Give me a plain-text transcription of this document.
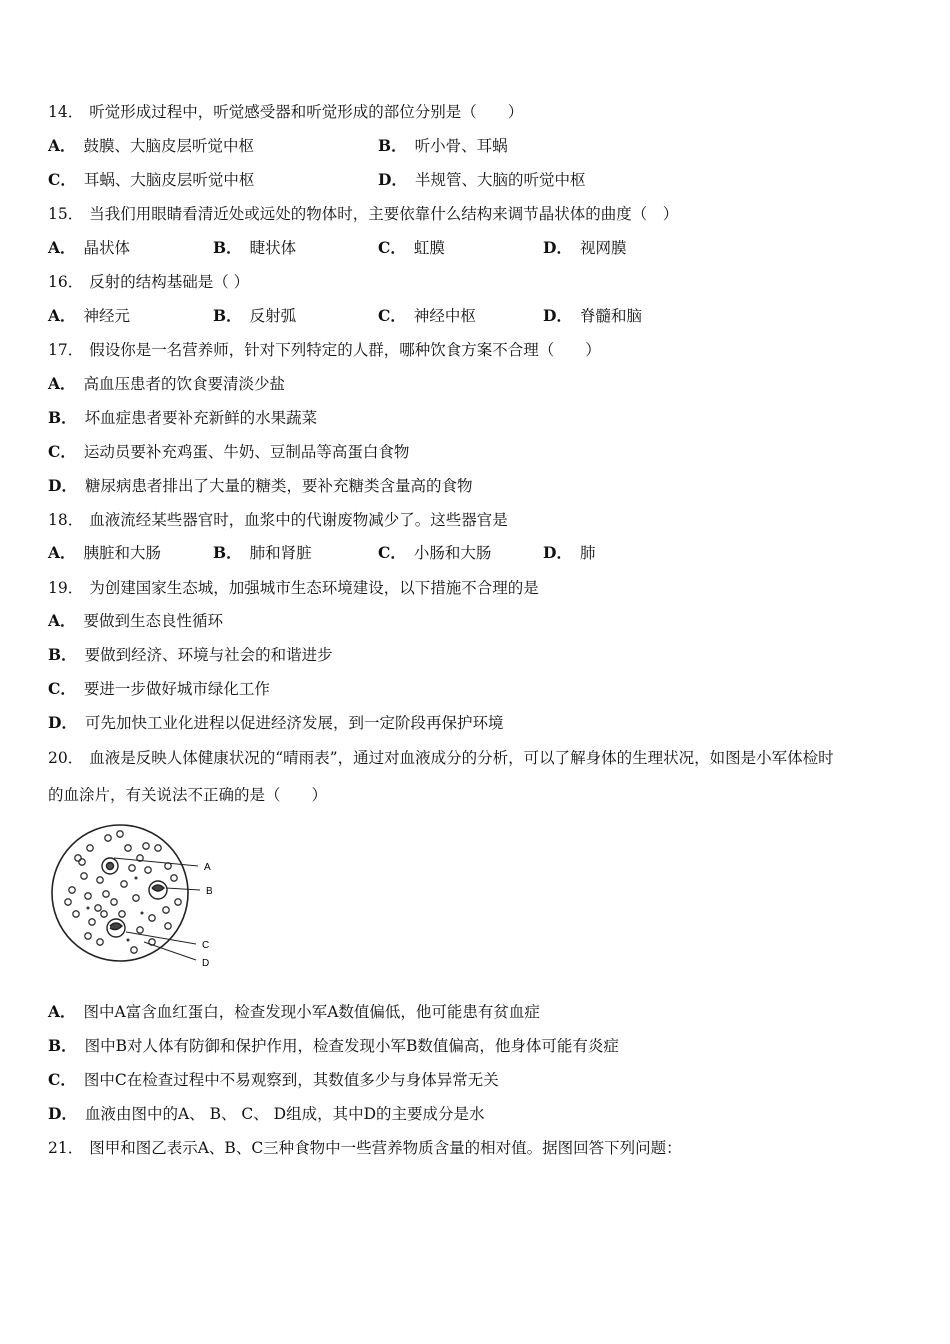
14． 听觉形成过程中，听觉感受器和听觉形成的部位分别是（　　）
A． 鼓膜、大脑皮层听觉中枢	B． 听小骨、耳蜗
C． 耳蜗、大脑皮层听觉中枢	D． 半规管、大脑的听觉中枢
15． 当我们用眼睛看清近处或远处的物体时，主要依靠什么结构来调节晶状体的曲度（　）
A． 晶状体	B． 睫状体	C． 虹膜	D． 视网膜
16． 反射的结构基础是（ ）
A． 神经元	B． 反射弧	C． 神经中枢	D． 脊髓和脑
17． 假设你是一名营养师，针对下列特定的人群，哪种饮食方案不合理（　　）
A． 高血压患者的饮食要清淡少盐
B． 坏血症患者要补充新鲜的水果蔬菜
C． 运动员要补充鸡蛋、牛奶、豆制品等高蛋白食物
D． 糖尿病患者排出了大量的糖类，要补充糖类含量高的食物
18． 血液流经某些器官时，血浆中的代谢废物减少了。这些器官是
A． 胰脏和大肠	B． 肺和肾脏	C． 小肠和大肠	D． 肺
19． 为创建国家生态城，加强城市生态环境建设，以下措施不合理的是
A． 要做到生态良性循环
B． 要做到经济、环境与社会的和谐进步
C． 要进一步做好城市绿化工作
D． 可先加快工业化进程以促进经济发展，到一定阶段再保护环境
20． 血液是反映人体健康状况的“晴雨表”，通过对血液成分的分析，可以了解身体的生理状况，如图是小军体检时
的血涂片，有关说法不正确的是（　　）
A
B
C
D
A． 图中A富含血红蛋白，检查发现小军A数值偏低，他可能患有贫血症
B． 图中B对人体有防御和保护作用，检查发现小军B数值偏高，他身体可能有炎症
C． 图中C在检查过程中不易观察到，其数值多少与身体异常无关
D． 血液由图中的A、 B、 C、 D组成，其中D的主要成分是水
21． 图甲和图乙表示A、B、C三种食物中一些营养物质含量的相对值。据图回答下列问题：
